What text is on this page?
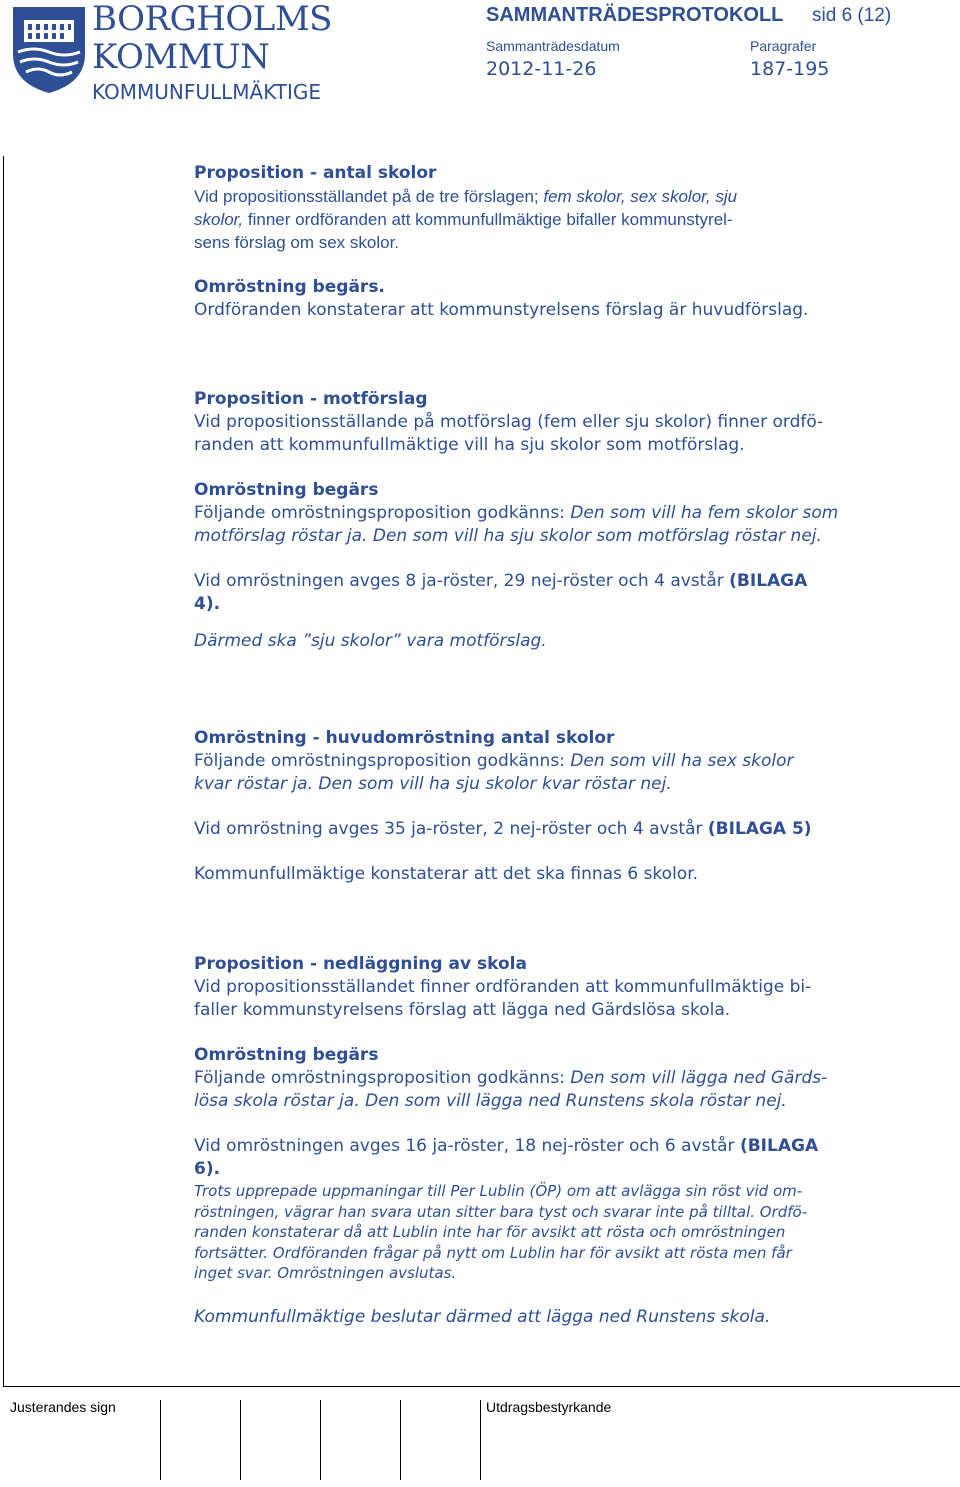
BORGHOLMS
KOMMUN
KOMMUNFULLMÄKTIGE
SAMMANTRÄDESPROTOKOLL sid 6 (12)
Sammanträdesdatum	Paragrafer
2012-11-26	187-195

Proposition - antal skolor

Vid propositionsställandet på de tre förslagen; fem skolor, sex skolor, sju

skolor, finner ordföranden att kommunfullmäktige bifaller kommunstyrel-

sens förslag om sex skolor.

Omröstning begärs.

Ordföranden konstaterar att kommunstyrelsens förslag är huvudförslag.

Proposition - motförslag

Vid propositionsställande på motförslag (fem eller sju skolor) finner ordfö-

randen att kommunfullmäktige vill ha sju skolor som motförslag.

Omröstning begärs

Följande omröstningsproposition godkänns: Den som vill ha fem skolor som

motförslag röstar ja. Den som vill ha sju skolor som motförslag röstar nej.

Vid omröstningen avges 8 ja-röster, 29 nej-röster och 4 avstår (BILAGA

4).

Därmed ska ”sju skolor” vara motförslag.

Omröstning - huvudomröstning antal skolor

Följande omröstningsproposition godkänns: Den som vill ha sex skolor

kvar röstar ja. Den som vill ha sju skolor kvar röstar nej.

Vid omröstning avges 35 ja-röster, 2 nej-röster och 4 avstår (BILAGA 5)

Kommunfullmäktige konstaterar att det ska finnas 6 skolor.

Proposition - nedläggning av skola

Vid propositionsställandet finner ordföranden att kommunfullmäktige bi-

faller kommunstyrelsens förslag att lägga ned Gärdslösa skola.

Omröstning begärs

Följande omröstningsproposition godkänns: Den som vill lägga ned Gärds-

lösa skola röstar ja. Den som vill lägga ned Runstens skola röstar nej.

Vid omröstningen avges 16 ja-röster, 18 nej-röster och 6 avstår (BILAGA

6).

Trots upprepade uppmaningar till Per Lublin (ÖP) om att avlägga sin röst vid om-

röstningen, vägrar han svara utan sitter bara tyst och svarar inte på tilltal. Ordfö-

randen konstaterar då att Lublin inte har för avsikt att rösta och omröstningen

fortsätter. Ordföranden frågar på nytt om Lublin har för avsikt att rösta men får

inget svar. Omröstningen avslutas.

Kommunfullmäktige beslutar därmed att lägga ned Runstens skola.

Justerandes sign	Utdragsbestyrkande
